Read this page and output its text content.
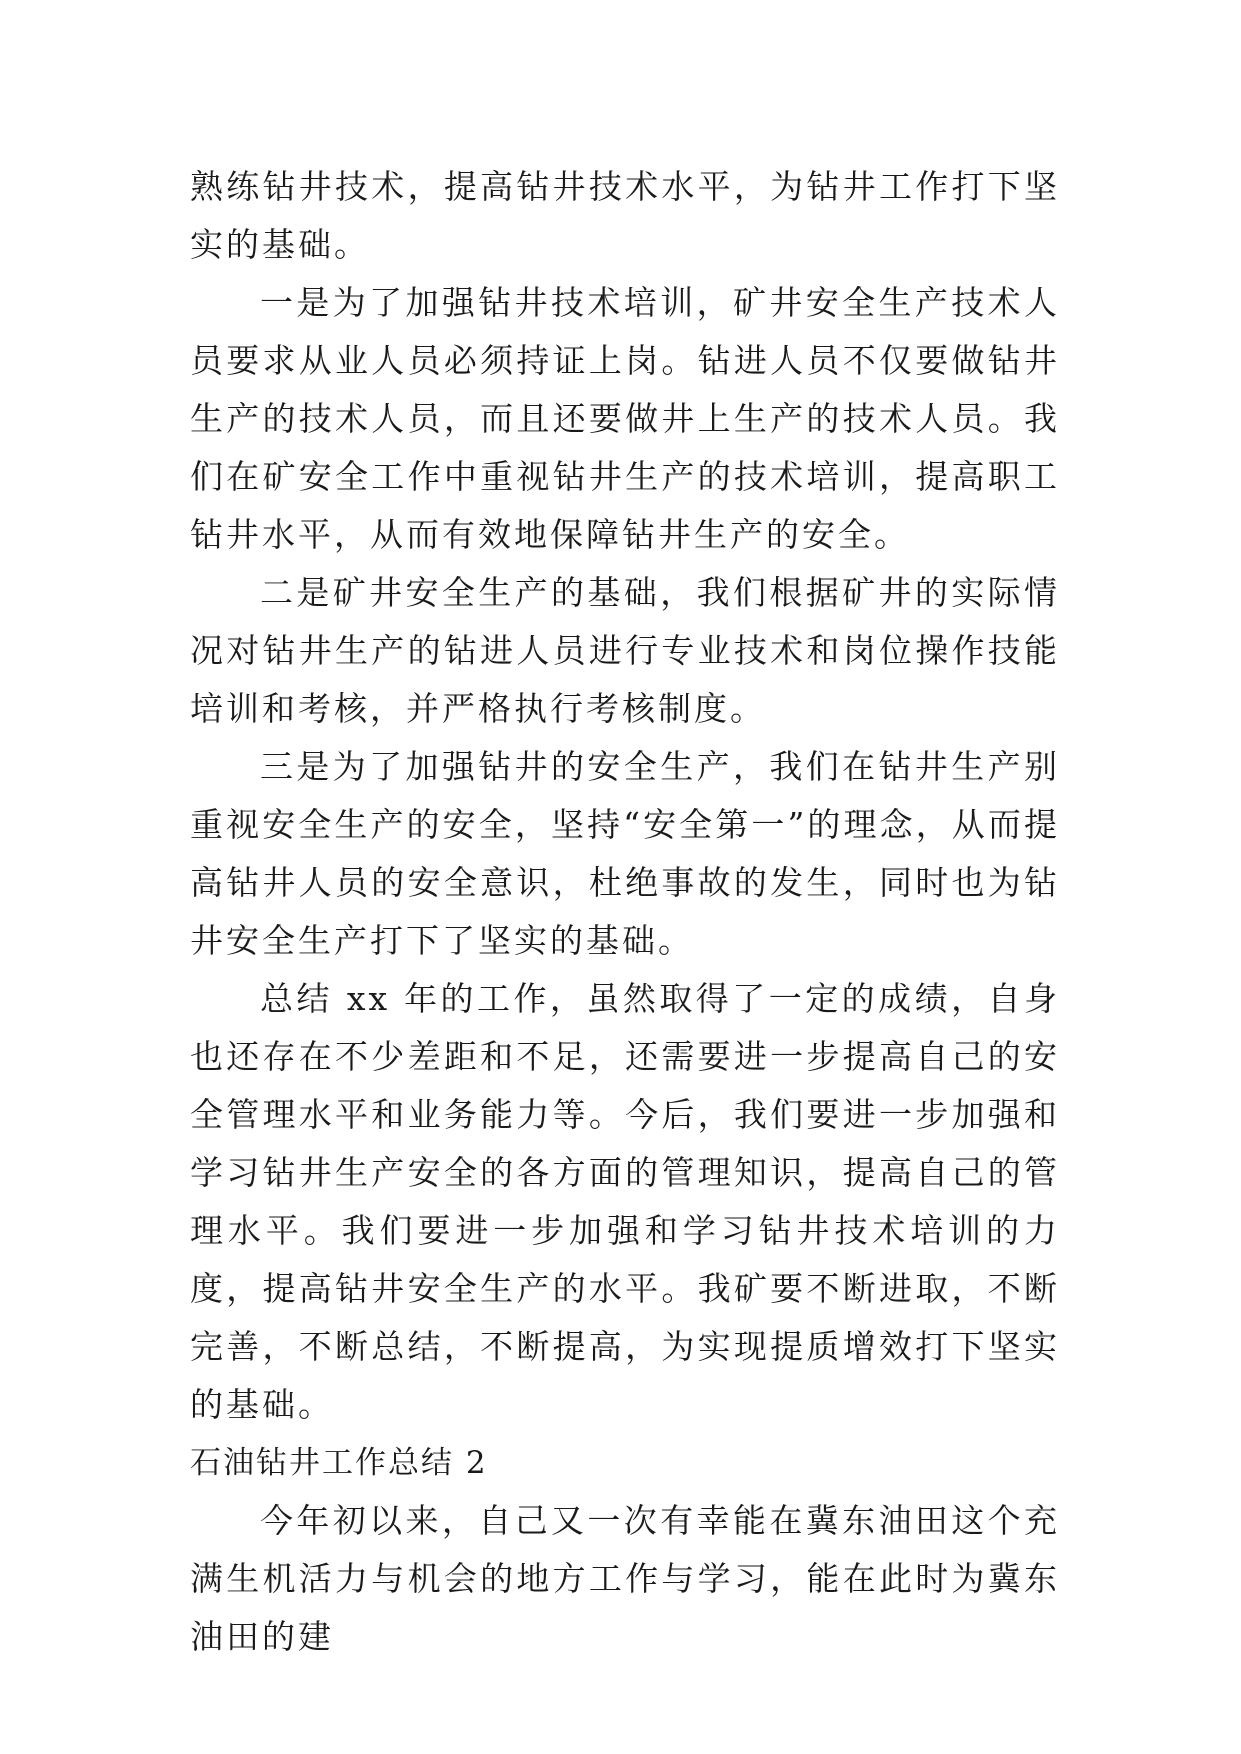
熟练钻井技术，提高钻井技术水平，为钻井工作打下坚实的基础。

一是为了加强钻井技术培训，矿井安全生产技术人员要求从业人员必须持证上岗。钻进人员不仅要做钻井生产的技术人员，而且还要做井上生产的技术人员。我们在矿安全工作中重视钻井生产的技术培训，提高职工钻井水平，从而有效地保障钻井生产的安全。

二是矿井安全生产的基础，我们根据矿井的实际情况对钻井生产的钻进人员进行专业技术和岗位操作技能培训和考核，并严格执行考核制度。

三是为了加强钻井的安全生产，我们在钻井生产别重视安全生产的安全，坚持“安全第一”的理念，从而提高钻井人员的安全意识，杜绝事故的发生，同时也为钻井安全生产打下了坚实的基础。

总结 xx 年的工作，虽然取得了一定的成绩，自身也还存在不少差距和不足，还需要进一步提高自己的安全管理水平和业务能力等。今后，我们要进一步加强和学习钻井生产安全的各方面的管理知识，提高自己的管理水平。我们要进一步加强和学习钻井技术培训的力度，提高钻井安全生产的水平。我矿要不断进取，不断完善，不断总结，不断提高，为实现提质增效打下坚实的基础。

石油钻井工作总结 2

今年初以来，自己又一次有幸能在冀东油田这个充满生机活力与机会的地方工作与学习，能在此时为冀东油田的建
